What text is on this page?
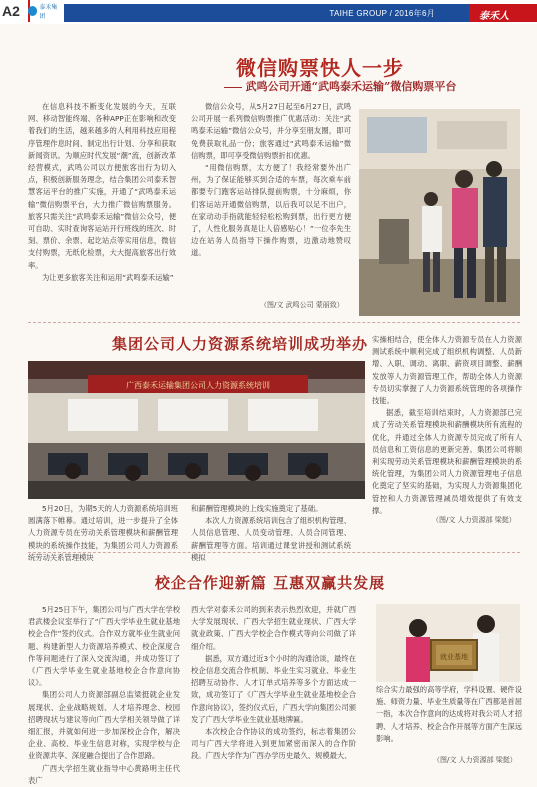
A2	泰禾集团	TAIHE GROUP / 2016年6月	泰禾人
微信购票快人一步
武鸣公司开通“武鸣泰禾运输”微信购票平台

在信息科技不断变化发展的今天，互联网、移动智能终端、各种APP正在影响和改变着我们的生活，越来越多的人利用科技应用程序管理作息时间、制定出行计划、分享和获取新闻资讯。为顺应时代发展“潮”流，创新改革经营模式，武鸣公司以方便旅客出行为切入点，积极创新服务理念，结合集团公司泰禾智慧客运平台的推广实施，开通了“武鸣泰禾运输”微信购票平台，大力推广微信购票服务。旅客只需关注“武鸣泰禾运输”微信公众号，便可自助、实时查询客运站开行班线的班次、时刻、票价、余票、起讫站点等实用信息，微信支付购票，无纸化检票，大大提高旅客出行效率。

为让更多旅客关注和运用“武鸣泰禾运输”

微信公众号，从5月27日起至6月27日，武鸣公司开展一系列微信购票推广优惠活动：关注“武鸣泰禾运输”微信公众号，并分享至朋友圈，即可免费获取礼品一份；旅客通过“武鸣泰禾运输”微信购票，即可享受微信购票折扣优惠。

“用微信购票，太方便了！我经常要外出广州，为了保证能够买到合适的车票，每次乘车前都要专门跑客运站排队提前购票，十分麻烦，你们客运站开通微信购票，以后我可以足不出户，在家动动手指就能轻轻松松购到票，出行更方便了，人性化服务真是让人倍感贴心！”一位李先生边在站务人员指导下操作购票，边激动地赞叹道。

（图/文 武鸣公司 蒙丽致）
集团公司人力资源系统培训成功举办
广西泰禾运输集团公司人力资源系统培训

5月20日，为期5天的人力资源系统培训班圆满落下帷幕。通过培训，进一步提升了全体人力资源专员在劳动关系管理模块和薪酬管理模块的系统操作技能，为集团公司人力资源系统劳动关系管理模块

和薪酬管理模块的上线实施奠定了基础。

本次人力资源系统培训包含了组织机构管理、人员信息管理、人员变动管理、人员合同管理、薪酬管理等方面。培训通过课堂讲授和测试系统模拟

实操相结合，使全体人力资源专员在人力资源测试系统中顺利完成了组织机构调整、人员新增、入职、调动、离职、薪资项目调整、薪酬发放等人力资源管理工作，帮助全体人力资源专员切实掌握了人力资源系统管理的各项操作技能。

据悉，截至培训结束时，人力资源部已完成了劳动关系管理模块和薪酬模块所有流程的优化，并通过全体人力资源专员完成了所有人员信息和工资信息的更新完善。集团公司将顺利实现劳动关系管理模块和薪酬管理模块的系统化管理，为集团公司人力资源管理电子信息化奠定了坚实的基础，为实现人力资源集团化管控和人力资源管理减员增效提供了有效支撑。

（图/文 人力资源部 梁挺）
校企合作迎新篇 互惠双赢共发展

5月25日下午，集团公司与广西大学在学校君武楼会议室举行了“广西大学毕业生就业基地校企合作”签约仪式。合作双方就毕业生就业问题、构建新型人力资源培养模式、校企深度合作等问题进行了深入交流沟通，并成功签订了《广西大学毕业生就业基地校企合作意向协议》。

集团公司人力资源部副总监梁挺就企业发展现状、企业战略规划、人才培养理念、校园招聘现状与建议等向广西大学相关领导做了详细汇报，并就如何进一步加深校企合作，解决企业、高校、毕业生信息对称，实现学校与企业资源共享、深度融合提出了合作思路。

广西大学招生就业指导中心黄路明主任代表广

西大学对泰禾公司的到来表示热烈欢迎，并就广西大学发展现状、广西大学招生就业现状、广西大学就业政策、广西大学校企合作模式等向公司做了详细介绍。

据悉，双方通过近3个小时的沟通洽谈，最终在校企信息交流合作机制、毕业生实习就业、毕业生招聘互动协作、人才订单式培养等多个方面达成一致，成功签订了《广西大学毕业生就业基地校企合作意向协议》，签约仪式后，广西大学向集团公司颁发了广西大学毕业生就业基地牌匾。

本次校企合作协议的成功签约，标志着集团公司与广西大学将进入到更加紧密而深入的合作阶段。广西大学作为广西办学历史最久、规模最大、

就业基地

综合实力最强的高等学府，学科设置、硬件设施、师资力量、毕业生质量等在广西都是首屈一指，本次合作意向的达成将对我公司人才招聘、人才培养、校企合作开展等方面产生深远影响。

（图/文 人力资源部 梁挺）
